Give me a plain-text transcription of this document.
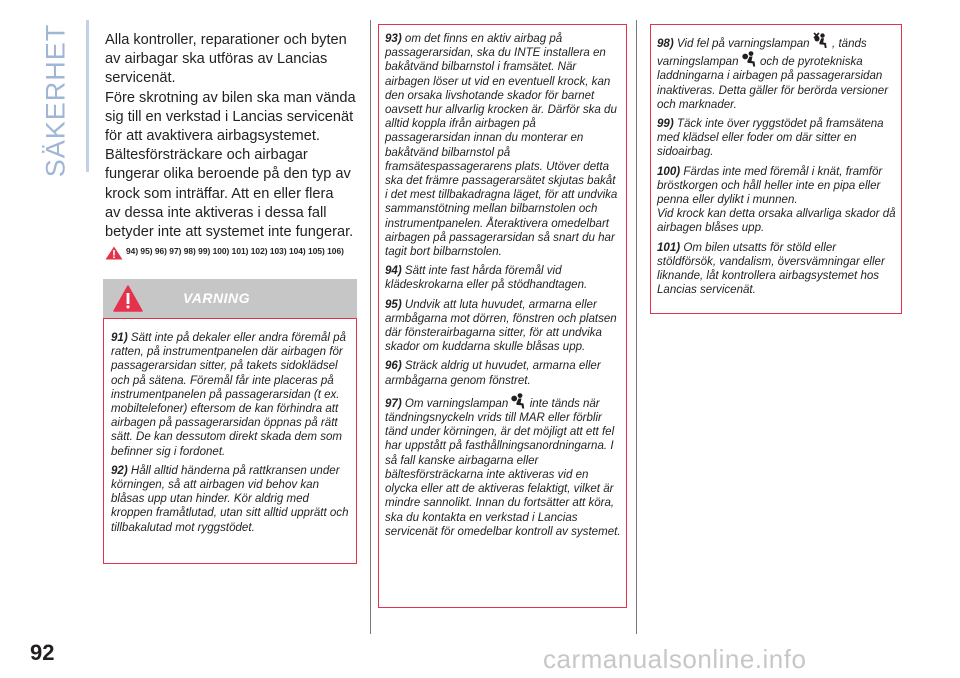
SÄKERHET Alla kontroller, reparationer och byten

av airbagar ska utföras av Lancias

servicenät.

Före skrotning av bilen ska man vända

sig till en verkstad i Lancias servicenät

för att avaktivera airbagsystemet.

Bältesförsträckare och airbagar

fungerar olika beroende på den typ av

krock som inträffar. Att en eller flera

av dessa inte aktiveras i dessa fall

betyder inte att systemet inte fungerar.

94) 95) 96) 97) 98) 99) 100) 101) 102) 103) 104) 105) 106)
VARNING

91) Sätt inte på dekaler eller andra föremål på ratten, på instrumentpanelen där airbagen för passagerarsidan sitter, på takets sidoklädsel och på sätena. Föremål får inte placeras på instrumentpanelen på passagerarsidan (t ex. mobiltelefoner) eftersom de kan förhindra att airbagen på passagerarsidan öppnas på rätt sätt. De kan dessutom direkt skada dem som befinner sig i fordonet.

92) Håll alltid händerna på rattkransen under körningen, så att airbagen vid behov kan blåsas upp utan hinder. Kör aldrig med kroppen framåtlutad, utan sitt alltid upprätt och tillbakalutad mot ryggstödet.

93) om det finns en aktiv airbag på passagerarsidan, ska du INTE installera en bakåtvänd bilbarnstol i framsätet. När airbagen löser ut vid en eventuell krock, kan den orsaka livshotande skador för barnet oavsett hur allvarlig krocken är. Därför ska du alltid koppla ifrån airbagen på passagerarsidan innan du monterar en bakåtvänd bilbarnstol på framsätespassagerarens plats. Utöver detta ska det främre passagerarsätet skjutas bakåt i det mest tillbakadragna läget, för att undvika sammanstötning mellan bilbarnstolen och instrumentpanelen. Återaktivera omedelbart airbagen på passagerarsidan så snart du har tagit bort bilbarnstolen.

94) Sätt inte fast hårda föremål vid klädeskrokarna eller på stödhandtagen.

95) Undvik att luta huvudet, armarna eller armbågarna mot dörren, fönstren och platsen där fönsterairbagarna sitter, för att undvika skador om kuddarna skulle blåsas upp.

96) Sträck aldrig ut huvudet, armarna eller armbågarna genom fönstret.

97) Om varningslampan inte tänds när tändningsnyckeln vrids till MAR eller förblir tänd under körningen, är det möjligt att ett fel har uppstått på fasthållningsanordningarna. I så fall kanske airbagarna eller bältesförsträckarna inte aktiveras vid en olycka eller att de aktiveras felaktigt, vilket är mindre sannolikt. Innan du fortsätter att köra, ska du kontakta en verkstad i Lancias servicenät för omedelbar kontroll av systemet.

98) Vid fel på varningslampan , tänds varningslampan och de pyrotekniska laddningarna i airbagen på passagerarsidan inaktiveras. Detta gäller för berörda versioner och marknader.

99) Täck inte över ryggstödet på framsätena med klädsel eller foder om där sitter en sidoairbag.

100) Färdas inte med föremål i knät, framför bröstkorgen och håll heller inte en pipa eller penna eller dylikt i munnen.
Vid krock kan detta orsaka allvarliga skador då airbagen blåses upp.

101) Om bilen utsatts för stöld eller stöldförsök, vandalism, översvämningar eller liknande, låt kontrollera airbagsystemet hos Lancias servicenät.

92	carmanualsonline.info
